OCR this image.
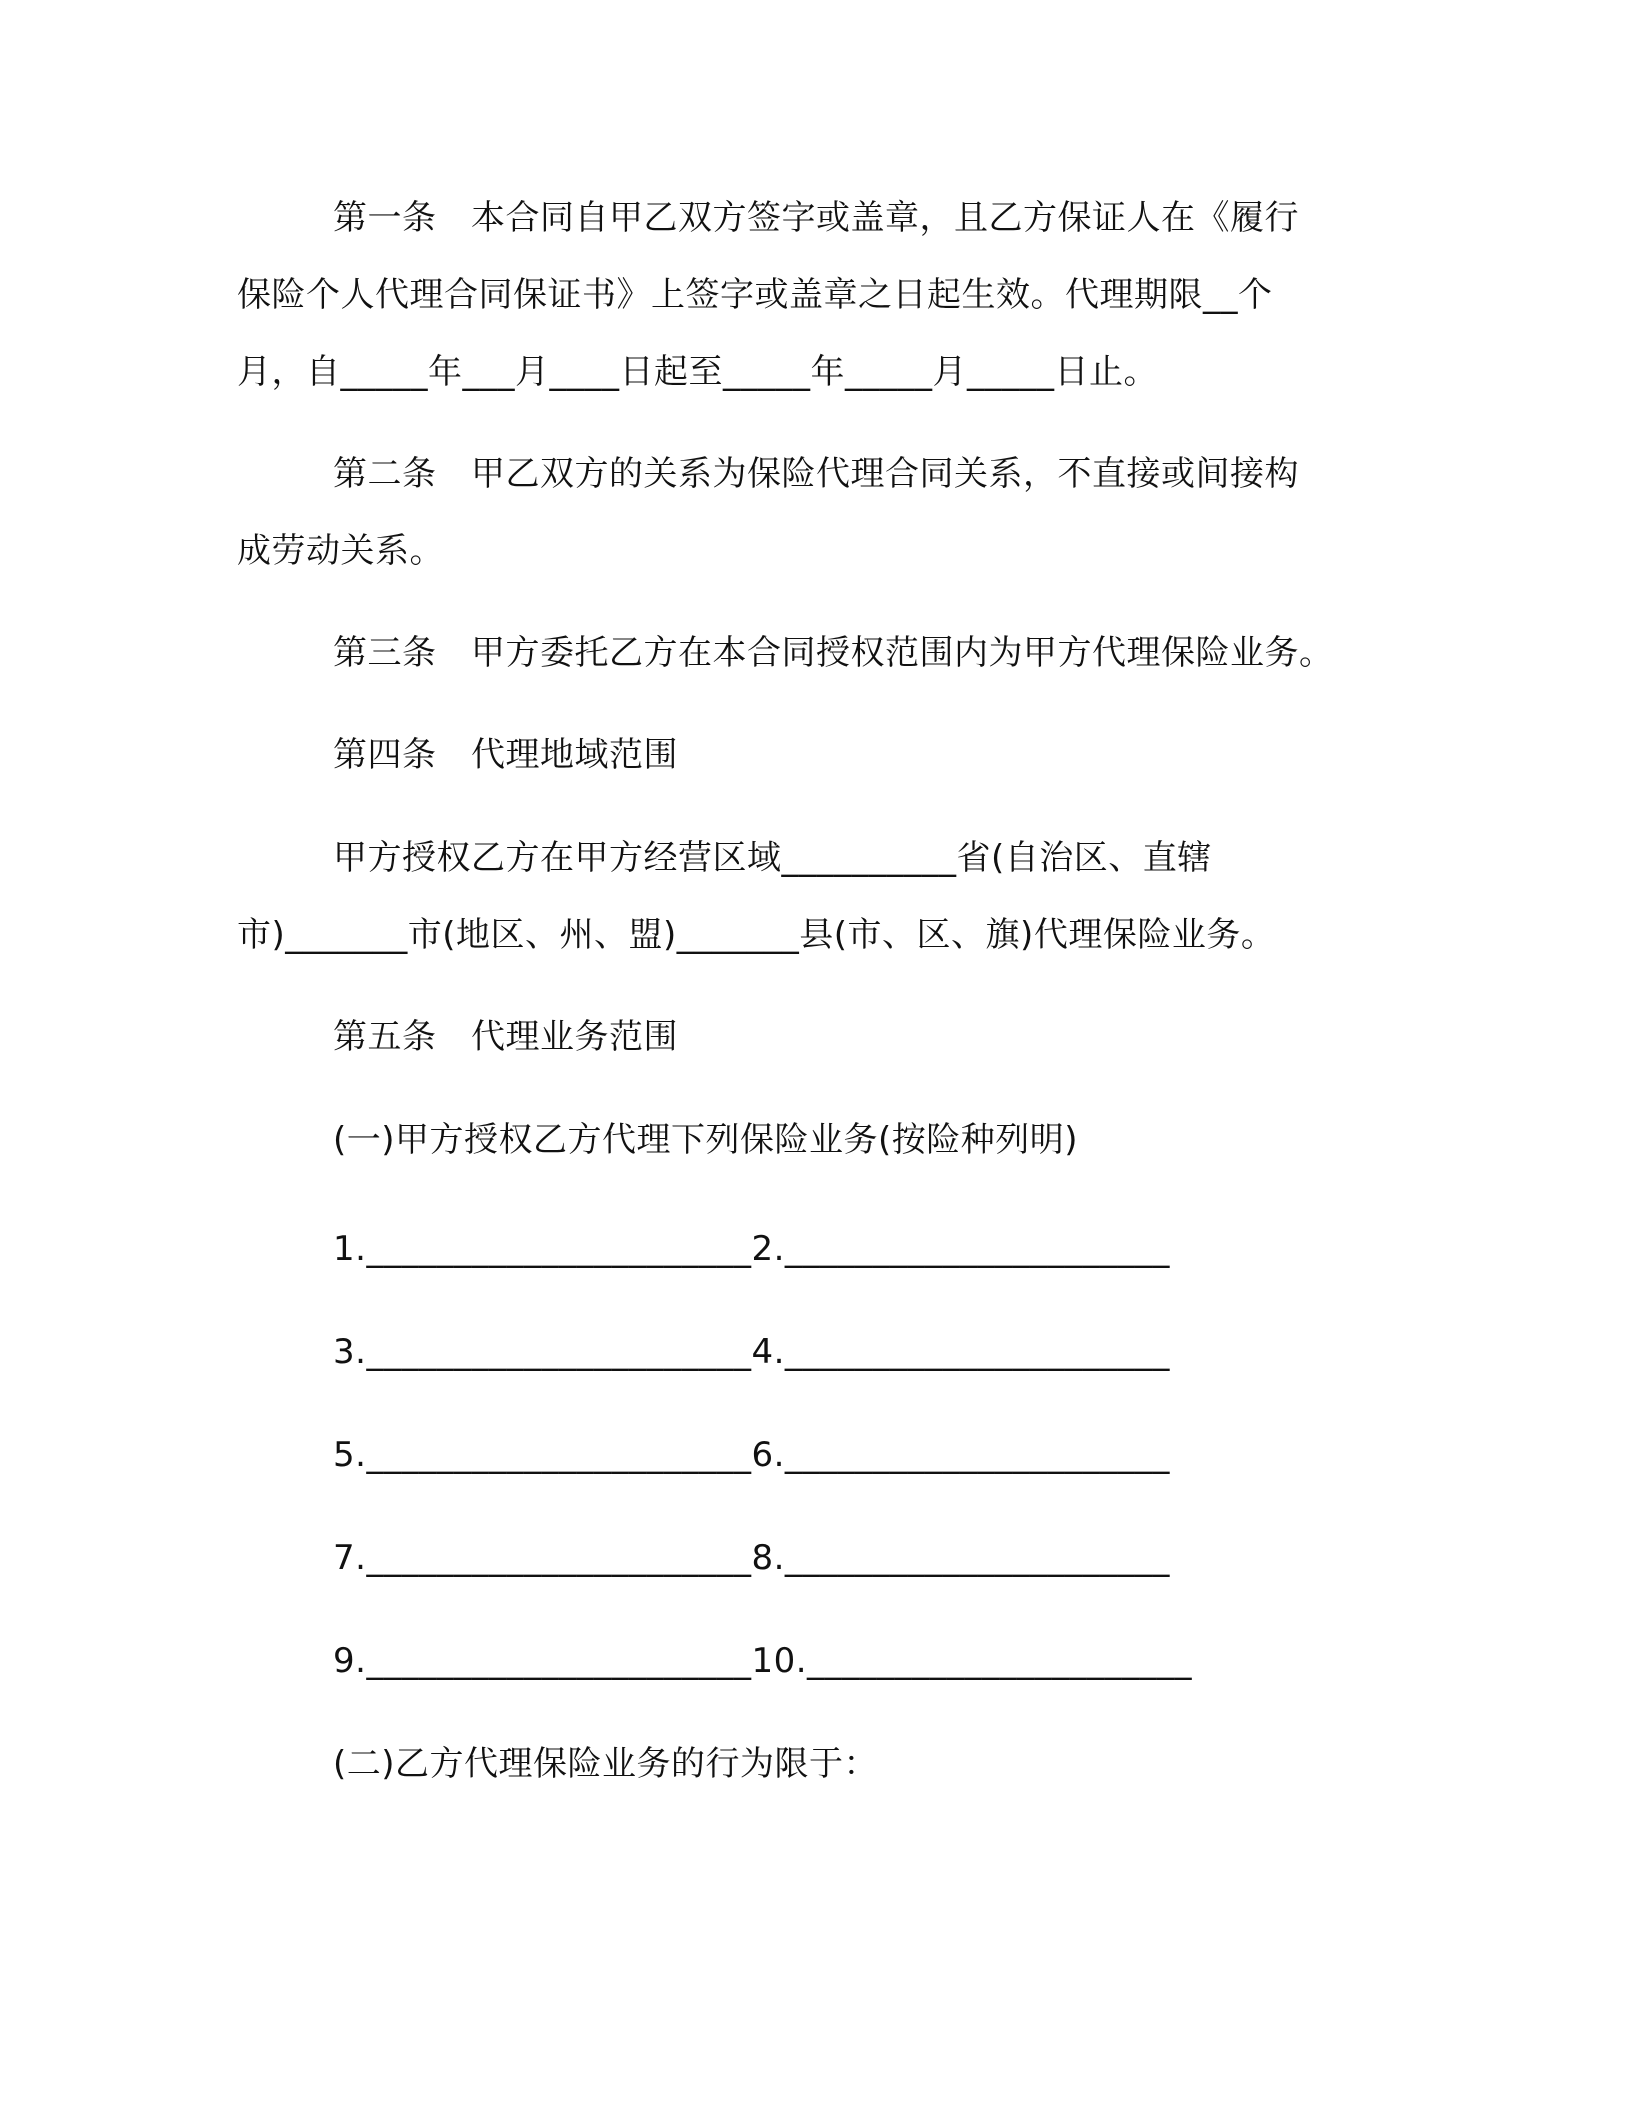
第一条　本合同自甲乙双方签字或盖章，且乙方保证人在《履行
保险个人代理合同保证书》上签字或盖章之日起生效。代理期限__个
月，自_____年___月____日起至_____年_____月_____日止。
第二条　甲乙双方的关系为保险代理合同关系，不直接或间接构
成劳动关系。
第三条　甲方委托乙方在本合同授权范围内为甲方代理保险业务。
第四条　代理地域范围
甲方授权乙方在甲方经营区域__________省(自治区、直辖
市)_______市(地区、州、盟)_______县(市、区、旗)代理保险业务。
第五条　代理业务范围
(一)甲方授权乙方代理下列保险业务(按险种列明)
1.______________________2.______________________
3.______________________4.______________________
5.______________________6.______________________
7.______________________8.______________________
9.______________________10.______________________
(二)乙方代理保险业务的行为限于：
